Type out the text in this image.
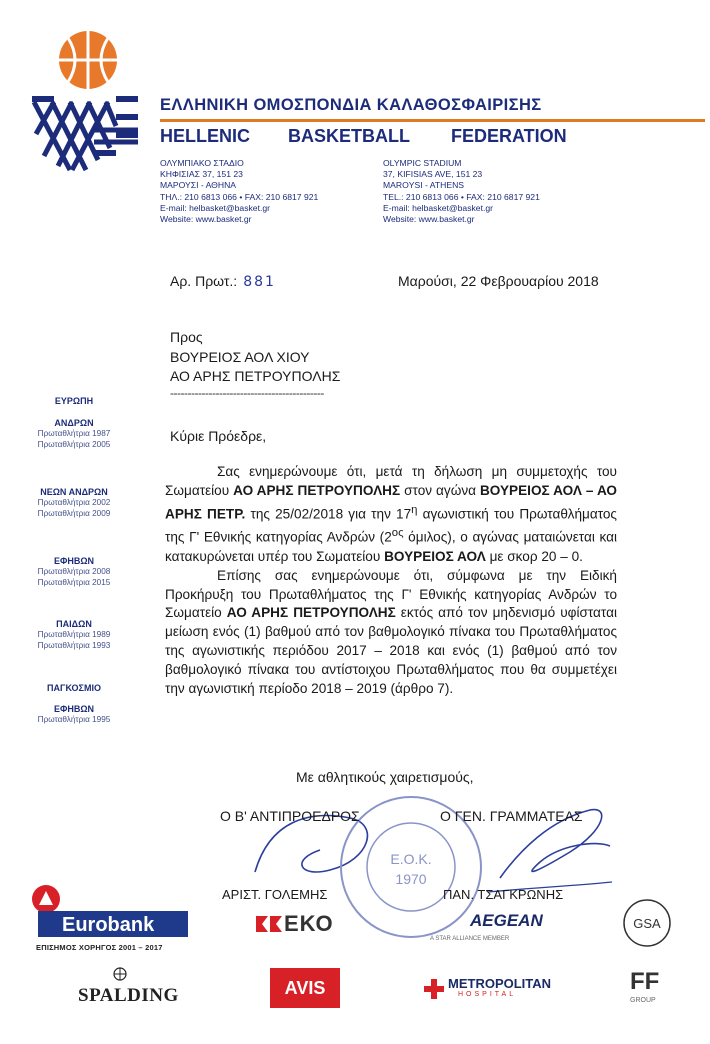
ΕΛΛΗΝΙΚΗ ΟΜΟΣΠΟΝΔΙΑ ΚΑΛΑΘΟΣΦΑΙΡΙΣΗΣ
HELLENIC BASKETBALL FEDERATION
ΟΛΥΜΠΙΑΚΟ ΣΤΑΔΙΟ
ΚΗΦΙΣΙΑΣ 37, 151 23
ΜΑΡΟΥΣΙ - ΑΘΗΝΑ
ΤΗΛ.: 210 6813 066 • FAX: 210 6817 921
E-mail: helbasket@basket.gr
Website: www.basket.gr
OLYMPIC STADIUM
37, KIFISIAS AVE, 151 23
MAROYSI - ATHENS
TEL.: 210 6813 066 • FAX: 210 6817 921
E-mail: helbasket@basket.gr
Website: www.basket.gr
Αρ. Πρωτ.: 881	Μαρούσι, 22 Φεβρουαρίου 2018
Προς
ΒΟΥΡΕΙΟΣ ΑΟΛ ΧΙΟΥ
ΑΟ ΑΡΗΣ ΠΕΤΡΟΥΠΟΛΗΣ
--------------------------------------------
ΕΥΡΩΠΗ
ΑΝΔΡΩΝ
Πρωταθλήτρια 1987
Πρωταθλήτρια 2005
ΝΕΩΝ ΑΝΔΡΩΝ
Πρωταθλήτρια 2002
Πρωταθλήτρια 2009
ΕΦΗΒΩΝ
Πρωταθλήτρια 2008
Πρωταθλήτρια 2015
ΠΑΙΔΩΝ
Πρωταθλήτρια 1989
Πρωταθλήτρια 1993
ΠΑΓΚΟΣΜΙΟ
ΕΦΗΒΩΝ
Πρωταθλήτρια 1995
Κύριε Πρόεδρε,

Σας ενημερώνουμε ότι, μετά τη δήλωση μη συμμετοχής του Σωματείου ΑΟ ΑΡΗΣ ΠΕΤΡΟΥΠΟΛΗΣ στον αγώνα ΒΟΥΡΕΙΟΣ ΑΟΛ – ΑΟ ΑΡΗΣ ΠΕΤΡ. της 25/02/2018 για την $17^\eta$ αγωνιστική του Πρωταθλήματος της Γ' Εθνικής κατηγορίας Ανδρών ($2^{o\varsigma}$ όμιλος), ο αγώνας ματαιώνεται και κατακυρώνεται υπέρ του Σωματείου ΒΟΥΡΕΙΟΣ ΑΟΛ με σκορ 20 – 0.

Επίσης σας ενημερώνουμε ότι, σύμφωνα με την Ειδική Προκήρυξη του Πρωταθλήματος της Γ' Εθνικής κατηγορίας Ανδρών το Σωματείο ΑΟ ΑΡΗΣ ΠΕΤΡΟΥΠΟΛΗΣ εκτός από τον μηδενισμό υφίσταται μείωση ενός (1) βαθμού από τον βαθμολογικό πίνακα του Πρωταθλήματος της αγωνιστικής περιόδου 2017 – 2018 και ενός (1) βαθμού από τον βαθμολογικό πίνακα του αντίστοιχου Πρωταθλήματος που θα συμμετέχει την αγωνιστική περίοδο 2018 – 2019 (άρθρο 7).

Με αθλητικούς χαιρετισμούς,
Ε.Ο.Κ.
1970
Ο Β' ΑΝΤΙΠΡΟΕΔΡΟΣ	Ο ΓΕΝ. ΓΡΑΜΜΑΤΕΑΣ
ΑΡΙΣΤ. ΓΟΛΕΜΗΣ	ΠΑΝ. ΤΣΑΓΚΡΩΝΗΣ
Eurobank
ΕΠΙΣΗΜΟΣ ΧΟΡΗΓΟΣ 2001 – 2017
ΕΚΟ	AEGEAN
A STAR ALLIANCE MEMBER
GSA
SPALDING	AVIS	METROPOLITAN
HOSPITAL	FF
GROUP
